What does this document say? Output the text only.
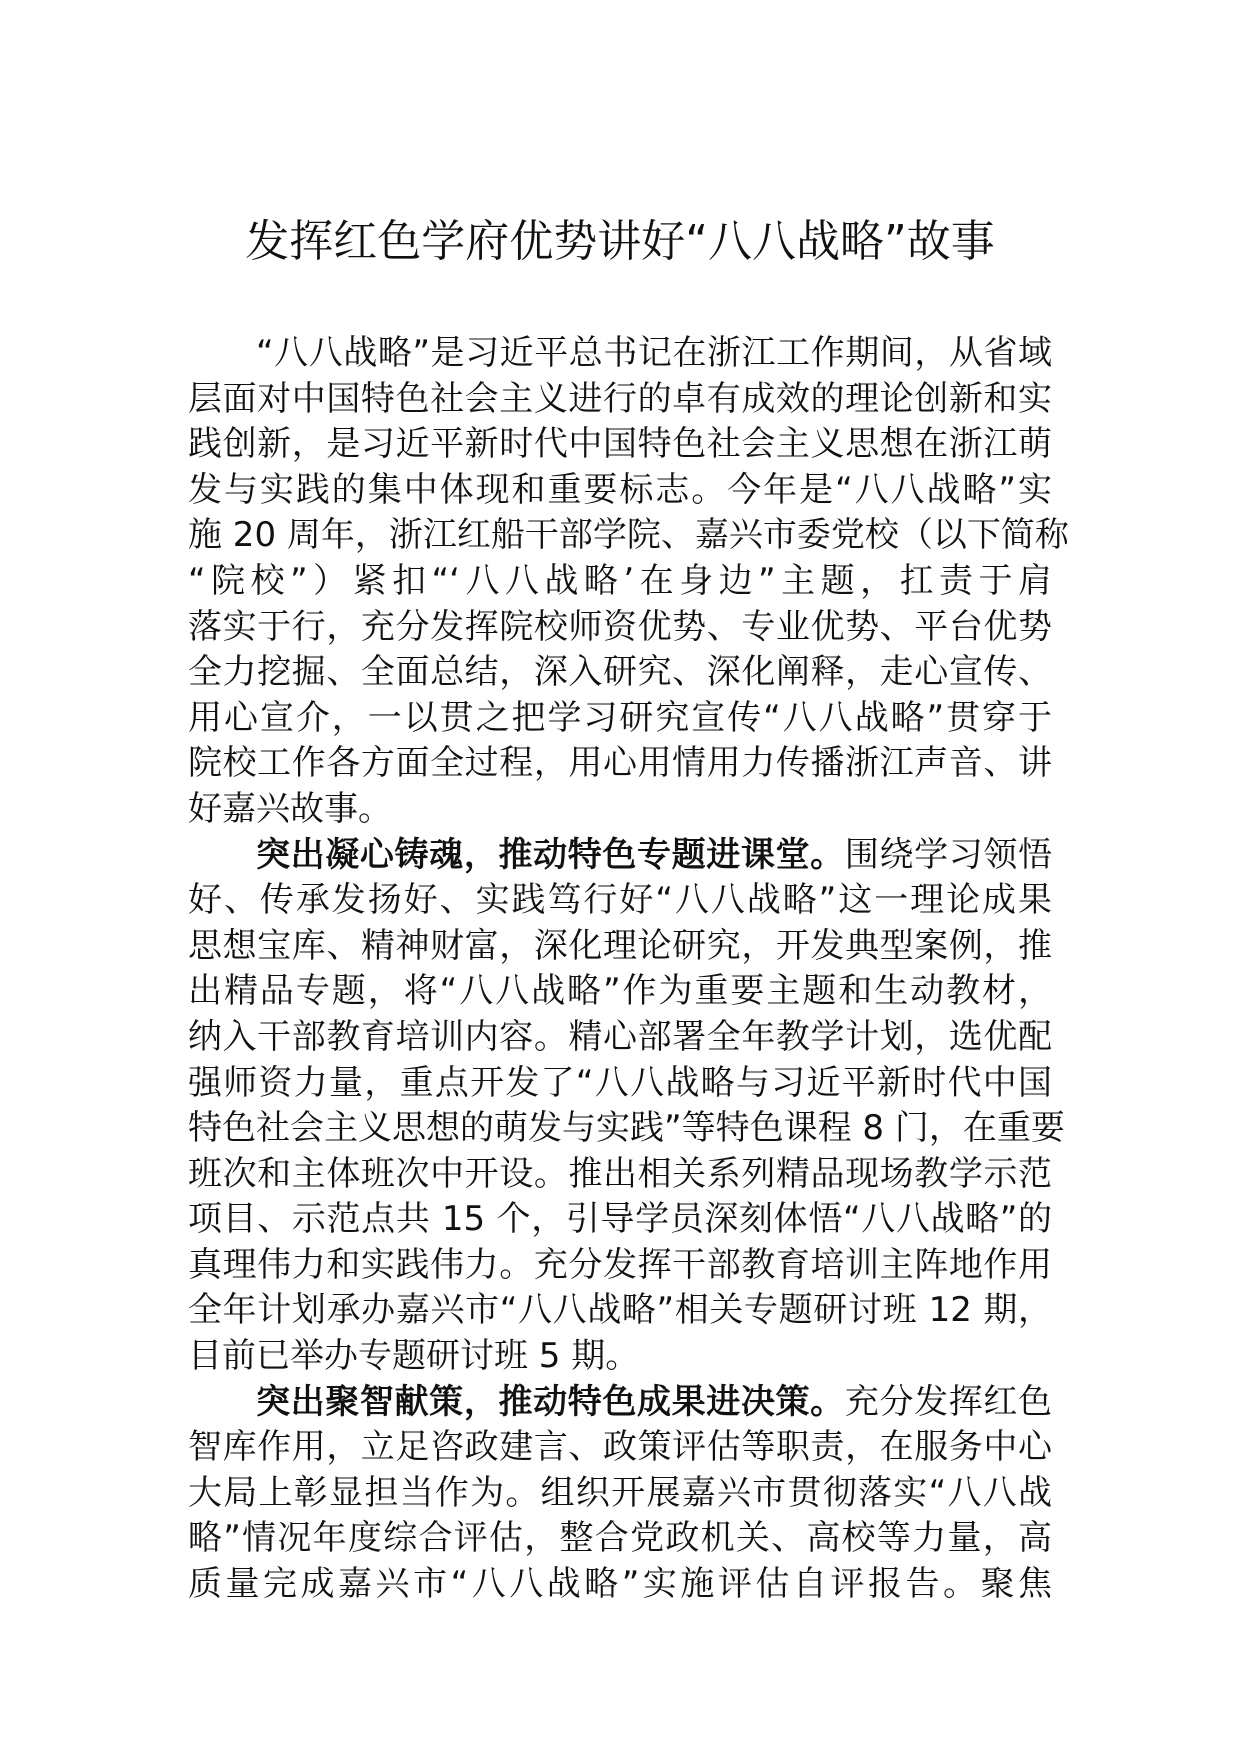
发挥红色学府优势讲好“八八战略”故事
“八八战略”是习近平总书记在浙江工作期间，从省域
层面对中国特色社会主义进行的卓有成效的理论创新和实
践创新，是习近平新时代中国特色社会主义思想在浙江萌
发与实践的集中体现和重要标志。今年是“八八战略”实
施 20 周年，浙江红船干部学院、嘉兴市委党校（以下简称
“院校”）紧扣“‘八八战略’在身边”主题，扛责于肩
落实于行，充分发挥院校师资优势、专业优势、平台优势
全力挖掘、全面总结，深入研究、深化阐释，走心宣传、
用心宣介，一以贯之把学习研究宣传“八八战略”贯穿于
院校工作各方面全过程，用心用情用力传播浙江声音、讲
好嘉兴故事。
突出凝心铸魂，推动特色专题进课堂。围绕学习领悟
好、传承发扬好、实践笃行好“八八战略”这一理论成果
思想宝库、精神财富，深化理论研究，开发典型案例，推
出精品专题，将“八八战略”作为重要主题和生动教材，
纳入干部教育培训内容。精心部署全年教学计划，选优配
强师资力量，重点开发了“八八战略与习近平新时代中国
特色社会主义思想的萌发与实践”等特色课程 8 门，在重要
班次和主体班次中开设。推出相关系列精品现场教学示范
项目、示范点共 15 个，引导学员深刻体悟“八八战略”的
真理伟力和实践伟力。充分发挥干部教育培训主阵地作用
全年计划承办嘉兴市“八八战略”相关专题研讨班 12 期，
目前已举办专题研讨班 5 期。
突出聚智献策，推动特色成果进决策。充分发挥红色
智库作用，立足咨政建言、政策评估等职责，在服务中心
大局上彰显担当作为。组织开展嘉兴市贯彻落实“八八战
略”情况年度综合评估，整合党政机关、高校等力量，高
质量完成嘉兴市“八八战略”实施评估自评报告。聚焦
